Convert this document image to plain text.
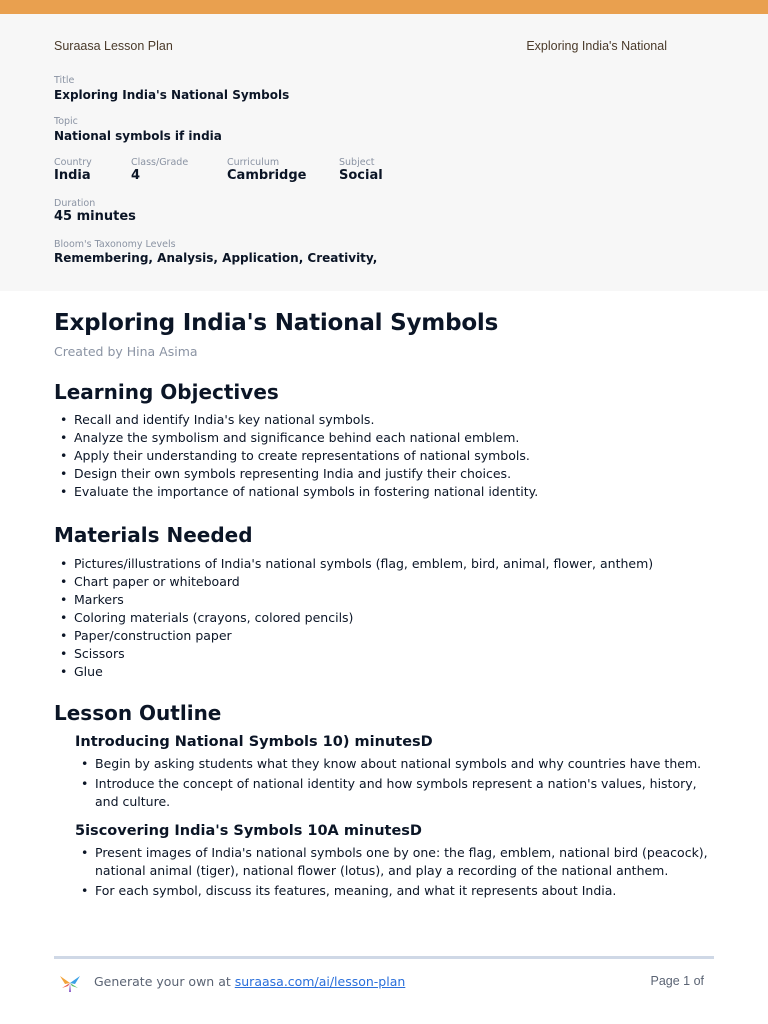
Suraasa Lesson Plan	Exploring India's National
Title
Exploring India's National Symbols
Topic
National symbols if india
Country
India
Class/Grade
4
Curriculum
Cambridge
Subject
Social
Duration
45 minutes
Bloom's Taxonomy Levels
Remembering, Analysis, Application, Creativity,
Exploring India's National Symbols
Created by Hina Asima
Learning Objectives
• Recall and identify India's key national symbols.
• Analyze the symbolism and significance behind each national emblem.
• Apply their understanding to create representations of national symbols.
• Design their own symbols representing India and justify their choices.
• Evaluate the importance of national symbols in fostering national identity.
Materials Needed
• Pictures/illustrations of India's national symbols (flag, emblem, bird, animal, flower, anthem)
• Chart paper or whiteboard
• Markers
• Coloring materials (crayons, colored pencils)
• Paper/construction paper
• Scissors
• Glue
Lesson Outline
Introducing National Symbols 10) minutesD
• Begin by asking students what they know about national symbols and why countries have them.
• Introduce the concept of national identity and how symbols represent a nation's values, history, and culture.
5iscovering India's Symbols 10A minutesD
• Present images of India's national symbols one by one: the flag, emblem, national bird (peacock), national animal (tiger), national flower (lotus), and play a recording of the national anthem.
• For each symbol, discuss its features, meaning, and what it represents about India.
Generate your own at suraasa.com/ai/lesson-plan	Page 1 of
